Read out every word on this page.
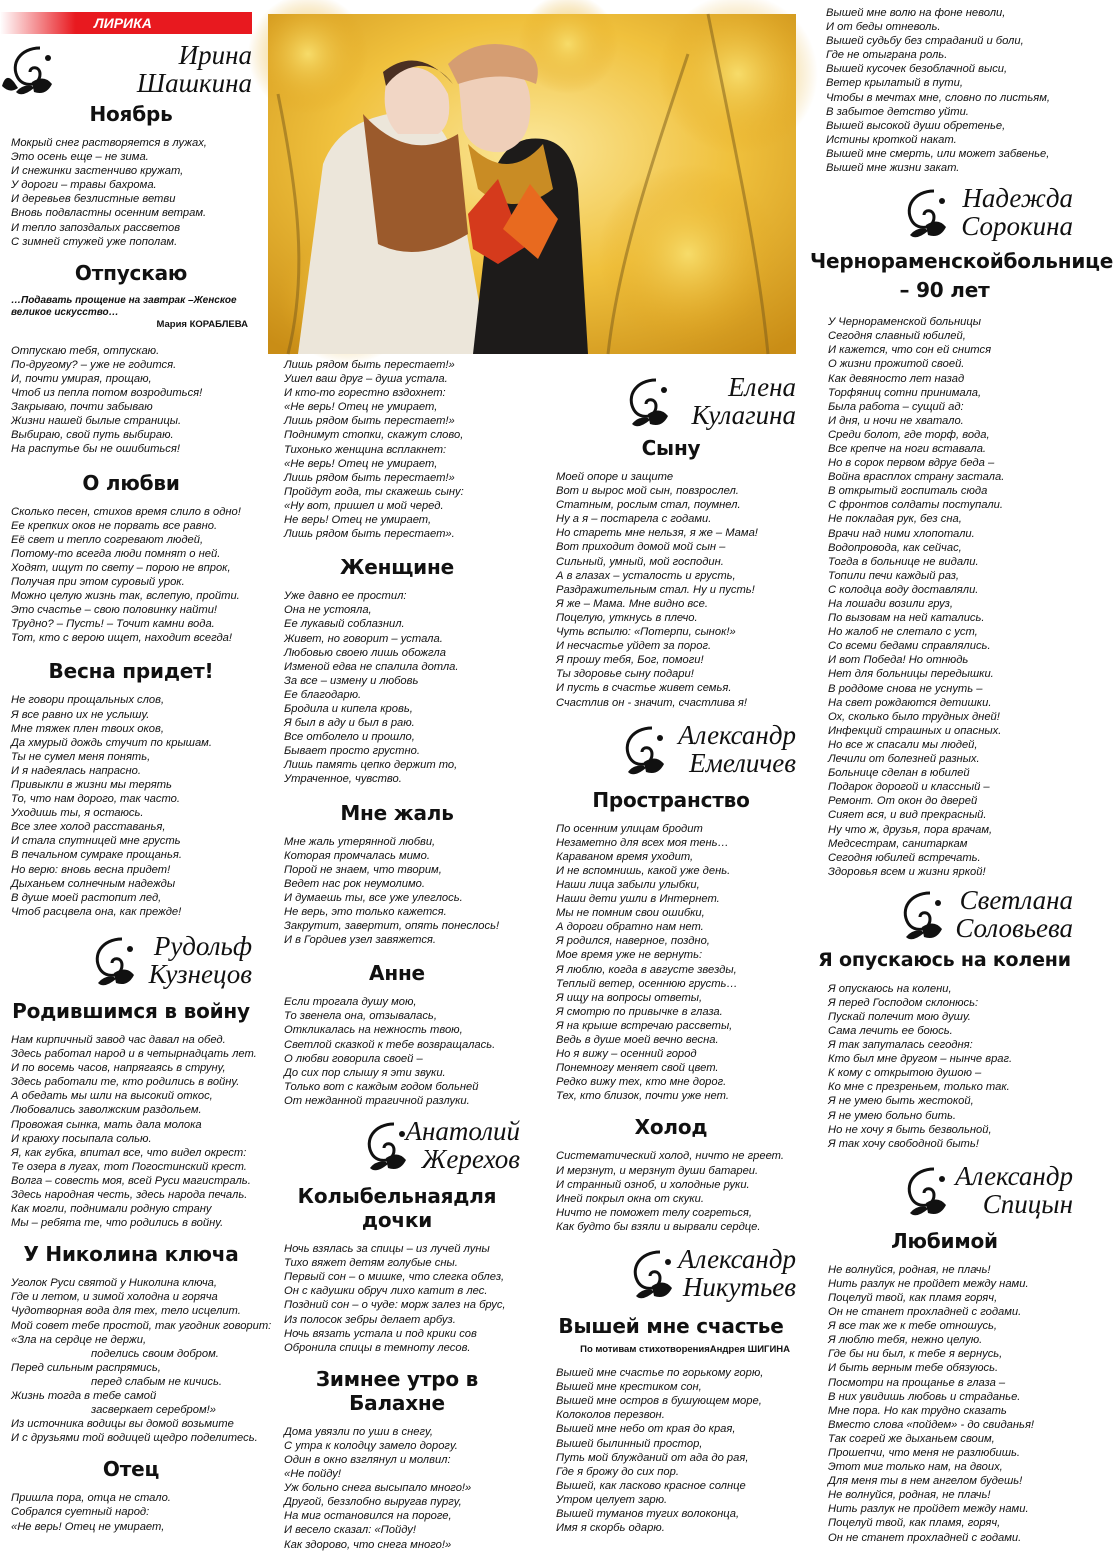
ЛИРИКА
Ирина
Шашкина
Ноябрь
Мокрый снег растворяется в лужах,
Это осень еще – не зима.
И снежинки застенчиво кружат,
У дороги – травы бахрома.
И деревьев безлистные ветви
Вновь подвластны осенним ветрам.
И тепло запоздалых рассветов
С зимней стужей уже пополам.
Отпускаю
…Подавать прощение на завтрак –Женское великое искусство…
Мария КОРАБЛЕВА
Отпускаю тебя, отпускаю.
По-другому? – уже не годится.
И, почти умирая, прощаю,
Чтоб из пепла потом возродиться!
Закрываю, почти забываю
Жизни нашей былые страницы.
Выбираю, свой путь выбираю.
На распутье бы не ошибиться!
О любви
Сколько песен, стихов время слило в одно!
Ее крепких оков не порвать все равно.
Её свет и тепло согревают людей,
Потому-то всегда люди помнят о ней.
Ходят, ищут по свету – порою не впрок,
Получая при этом суровый урок.
Можно целую жизнь так, вслепую, пройти.
Это счастье – свою половинку найти!
Трудно? – Пусть! – Точит камни вода.
Тот, кто с верою ищет, находит всегда!
Весна придет!
Не говори прощальных слов,
Я все равно их не услышу.
Мне тяжек плен твоих оков,
Да хмурый дождь стучит по крышам.
Ты не сумел меня понять,
И я надеялась напрасно.
Привыкли в жизни мы терять
То, что нам дорого, так часто.
Уходишь ты, я остаюсь.
Все злее холод расставанья,
И стала спутницей мне грусть
В печальном сумраке прощанья.
Но верю: вновь весна придет!
Дыханьем солнечным надежды
В душе моей растопит лед,
Чтоб расцвела она, как прежде!
Рудольф
Кузнецов
Родившимся в войну
Нам кирпичный завод час давал на обед.
Здесь работал народ и в четырнадцать лет.
И по восемь часов, напрягаясь в струну,
Здесь работали те, кто родились в войну.
А обедать мы шли на высокий откос,
Любовались заволжским раздольем.
Провожая сынка, мать дала молока
И краюху посыпала солью.
Я, как губка, впитал все, что видел окрест:
Те озера в лугах, тот Погостинский крест.
Волга – совесть моя, всей Руси магистраль.
Здесь народная честь, здесь народа печаль.
Как могли, поднимали родную страну
Мы – ребята те, что родились в войну.
У Николина ключа
Уголок Руси святой у Николина ключа,
Где и летом, и зимой холодна и горяча
Чудотворная вода для тех, тело исцелит.
Мой совет тебе простой, так угодник говорит:
«Зла на сердце не держи,
поделись своим добром.
Перед сильным распрямись,
перед слабым не кичись.
Жизнь тогда в тебе самой
засверкает серебром!»
Из источника водицы вы домой возьмите
И с друзьями той водицей щедро поделитесь.
Отец
Пришла пора, отца не стало.
Собрался суетный народ:
«Не верь! Отец не умирает,
Лишь рядом быть перестает!»
Ушел ваш друг – душа устала.
И кто-то горестно вздохнет:
«Не верь! Отец не умирает,
Лишь рядом быть перестает!»
Поднимут стопки, скажут слово,
Тихонько женщина всплакнет:
«Не верь! Отец не умирает,
Лишь рядом быть перестает!»
Пройдут года, ты скажешь сыну:
«Ну вот, пришел и мой черед.
Не верь! Отец не умирает,
Лишь рядом быть перестает».
Женщине
Уже давно ее простил:
Она не устояла,
Ее лукавый соблазнил.
Живет, но говорит – устала.
Любовью своею лишь обожгла
Изменой едва не спалила дотла.
За все – измену и любовь
Ее благодарю.
Бродила и кипела кровь,
Я был в аду и был в раю.
Все отболело и прошло,
Бывает просто грустно.
Лишь память цепко держит то,
Утраченное, чувство.
Мне жаль
Мне жаль утерянной любви,
Которая промчалась мимо.
Порой не знаем, что творим,
Ведет нас рок неумолимо.
И думаешь ты, все уже улеглось.
Не верь, это только кажется.
Закрутит, завертит, опять понеслось!
И в Гордиев узел завяжется.
Анне
Если трогала душу мою,
То звенела она, отзывалась,
Откликалась на нежность твою,
Светлой сказкой к тебе возвращалась.
О любви говорила своей –
До сих пор слышу я эти звуки.
Только вот с каждым годом больней
От нежданной трагичной разлуки.
Анатолий
Жерехов
Колыбельнаядля дочки
Ночь взялась за спицы – из лучей луны
Тихо вяжет детям голубые сны.
Первый сон – о мишке, что слегка облез,
Он с кадушки обруч лихо катит в лес.
Поздний сон – о чуде: морж залез на брус,
Из полосок зебры делает арбуз.
Ночь вязать устала и под крики сов
Обронила спицы в темноту лесов.
Зимнее утро в Балахне
Дома увязли по уши в снегу,
С утра к колодцу замело дорогу.
Один в окно взглянул и молвил:
«Не пойду!
Уж больно снега высыпало много!»
Другой, беззлобно выругав пургу,
На миг остановился на пороге,
И весело сказал: «Пойду!
Как здорово, что снега много!»
Елена
Кулагина
Сыну
Моей опоре и защите
Вот и вырос мой сын, повзрослел.
Статным, рослым стал, поумнел.
Ну а я – постарела с годами.
Но стареть мне нельзя, я же – Мама!
Вот приходит домой мой сын –
Сильный, умный, мой господин.
А в глазах – усталость и грусть,
Раздражительным стал. Ну и пусть!
Я же – Мама. Мне видно все.
Поцелую, уткнусь в плечо.
Чуть вспылю: «Потерпи, сынок!»
И несчастье уйдет за порог.
Я прошу тебя, Бог, помоги!
Ты здоровье сыну подари!
И пусть в счастье живет семья.
Счастлив он - значит, счастлива я!
Александр
Емеличев
Пространство
По осенним улицам бродит
Незаметно для всех моя тень…
Караваном время уходит,
И не вспомнишь, какой уже день.
Наши лица забыли улыбки,
Наши дети ушли в Интернет.
Мы не помним свои ошибки,
А дороги обратно нам нет.
Я родился, наверное, поздно,
Мое время уже не вернуть:
Я люблю, когда в августе звезды,
Теплый ветер, осеннюю грусть…
Я ищу на вопросы ответы,
Я смотрю по привычке в глаза.
Я на крыше встречаю рассветы,
Ведь в душе моей вечно весна.
Но я вижу – осенний город
Понемногу меняет свой цвет.
Редко вижу тех, кто мне дорог.
Тех, кто близок, почти уже нет.
Холод
Систематический холод, ничто не греет.
И мерзнут, и мерзнут души батареи.
И странный озноб, и холодные руки.
Иней покрыл окна от скуки.
Ничто не поможет телу согреться,
Как будто бы взяли и вырвали сердце.
Александр
Никутьев
Вышей мне счастье
По мотивам стихотворенияАндрея ШИГИНА
Вышей мне счастье по горькому горю,
Вышей мне крестиком сон,
Вышей мне остров в бушующем море,
Колоколов перезвон.
Вышей мне небо от края до края,
Вышей былинный простор,
Путь мой блужданий от ада до рая,
Где я брожу до сих пор.
Вышей, как ласково красное солнце
Утром целует зарю.
Вышей туманов тугих волоконца,
Имя я скорбь одарю.
Вышей мне волю на фоне неволи,
И от беды отневоль.
Вышей судьбу без страданий и боли,
Где не отыграна роль.
Вышей кусочек безоблачной выси,
Ветер крылатый в пути,
Чтобы в мечтах мне, словно по листьям,
В забытое детство уйти.
Вышей высокой души обретенье,
Истины кроткой накат.
Вышей мне смерть, или может забвенье,
Вышей мне жизни закат.
Надежда
Сорокина
Чернораменскойбольнице – 90 лет
У Чернораменской больницы
Сегодня славный юбилей,
И кажется, что сон ей снится
О жизни прожитой своей.
Как девяносто лет назад
Торфяниц сотни принимала,
Была работа – сущий ад:
И дня, и ночи не хватало.
Среди болот, где торф, вода,
Все крепче на ноги вставала.
Но в сорок первом вдруг беда –
Война врасплох страну застала.
В открытый госпиталь сюда
С фронтов солдаты поступали.
Не покладая рук, без сна,
Врачи над ними хлопотали.
Водопровода, как сейчас,
Тогда в больнице не видали.
Топили печи каждый раз,
С колодца воду доставляли.
На лошади возили груз,
По вызовам на ней катались.
Но жалоб не слетало с уст,
Со всеми бедами справлялись.
И вот Победа! Но отнюдь
Нет для больницы передышки.
В роддоме снова не уснуть –
На свет рождаются детишки.
Ох, сколько было трудных дней!
Инфекций страшных и опасных.
Но все ж спасали мы людей,
Лечили от болезней разных.
Больнице сделан в юбилей
Подарок дорогой и классный –
Ремонт. От окон до дверей
Сияет вся, и вид прекрасный.
Ну что ж, друзья, пора врачам,
Медсестрам, санитаркам
Сегодня юбилей встречать.
Здоровья всем и жизни яркой!
Светлана
Соловьева
Я опускаюсь на колени
Я опускаюсь на колени,
Я перед Господом склонюсь:
Пускай полечит мою душу.
Сама лечить ее боюсь.
Я так запуталась сегодня:
Кто был мне другом – нынче враг.
К кому с открытою душою –
Ко мне с презреньем, только так.
Я не умею быть жестокой,
Я не умею больно бить.
Но не хочу я быть безвольной,
Я так хочу свободной быть!
Александр
Спицын
Любимой
Не волнуйся, родная, не плачь!
Нить разлук не пройдет между нами.
Поцелуй твой, как пламя горяч,
Он не станет прохладней с годами.
Я все так же к тебе отношусь,
Я люблю тебя, нежно целую.
Где бы ни был, к тебе я вернусь,
И быть верным тебе обязуюсь.
Посмотри на прощанье в глаза –
В них увидишь любовь и страданье.
Мне пора. Но как трудно сказать
Вместо слова «пойдем» - до свиданья!
Так согрей же дыханьем своим,
Прошепчи, что меня не разлюбишь.
Этот миг только нам, на двоих,
Для меня ты в нем ангелом будешь!
Не волнуйся, родная, не плачь!
Нить разлук не пройдет между нами.
Поцелуй твой, как пламя, горяч,
Он не станет прохладней с годами.
